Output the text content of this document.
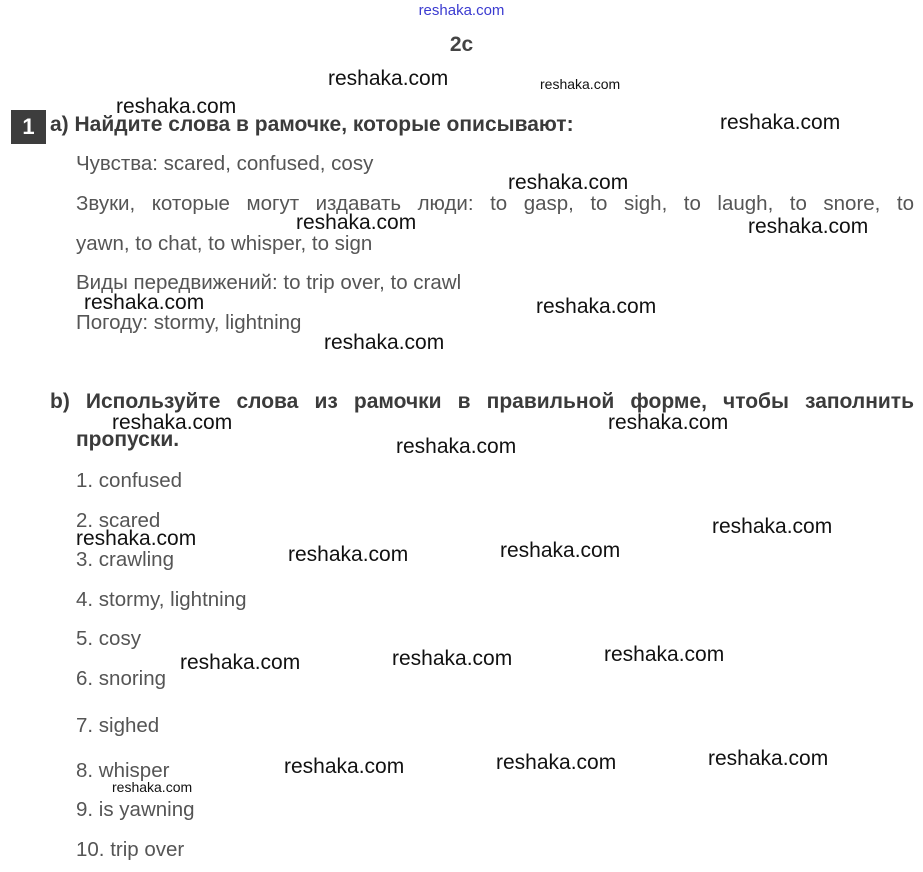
reshaka.com
2c
1 a) Найдите слова в рамочке, которые описывают:
Чувства: scared, confused, cosy
Звуки, которые могут издавать люди: to gasp, to sigh, to laugh, to snore, to
yawn, to chat, to whisper, to sign
Виды передвижений: to trip over, to crawl
Погоду: stormy, lightning
b) Используйте слова из рамочки в правильной форме, чтобы заполнить
пропуски.
1. confused
2. scared
3. crawling
4. stormy, lightning
5. cosy
6. snoring
7. sighed
8. whisper
9. is yawning
10. trip over
reshaka.com	reshaka.com
reshaka.com
reshaka.com
reshaka.com
reshaka.com	reshaka.com
reshaka.com	reshaka.com
reshaka.com
reshaka.com	reshaka.com
reshaka.com
reshaka.com
reshaka.com
reshaka.com
reshaka.com
reshaka.com
reshaka.com
reshaka.com
reshaka.com
reshaka.com
reshaka.com
reshaka.com
